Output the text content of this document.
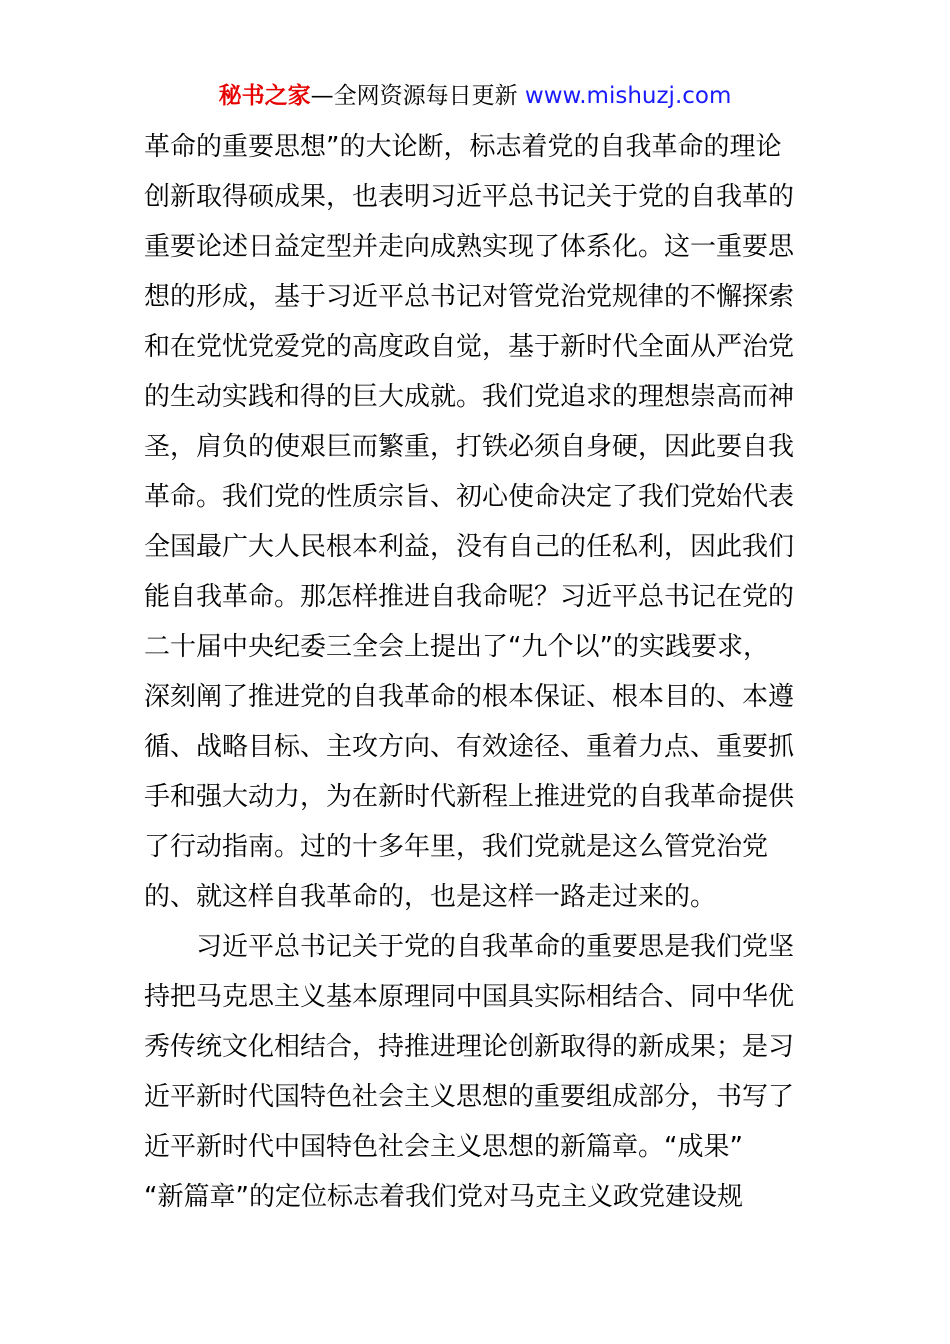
秘书之家—全网资源每日更新 www.mishuzj.com
革命的重要思想”的大论断，标志着党的自我革命的理论
创新取得硕成果，也表明习近平总书记关于党的自我革的
重要论述日益定型并走向成熟实现了体系化。这一重要思
想的形成，基于习近平总书记对管党治党规律的不懈探索
和在党忧党爱党的高度政自觉，基于新时代全面从严治党
的生动实践和得的巨大成就。我们党追求的理想崇高而神
圣，肩负的使艰巨而繁重，打铁必须自身硬，因此要自我
革命。我们党的性质宗旨、初心使命决定了我们党始代表
全国最广大人民根本利益，没有自己的任私利，因此我们
能自我革命。那怎样推进自我命呢？习近平总书记在党的
二十届中央纪委三全会上提出了“九个以”的实践要求，
深刻阐了推进党的自我革命的根本保证、根本目的、本遵
循、战略目标、主攻方向、有效途径、重着力点、重要抓
手和强大动力，为在新时代新程上推进党的自我革命提供
了行动指南。过的十多年里，我们党就是这么管党治党
的、就这样自我革命的，也是这样一路走过来的。
　　习近平总书记关于党的自我革命的重要思是我们党坚
持把马克思主义基本原理同中国具实际相结合、同中华优
秀传统文化相结合，持推进理论创新取得的新成果；是习
近平新时代国特色社会主义思想的重要组成部分，书写了
近平新时代中国特色社会主义思想的新篇章。“成果”
“新篇章”的定位标志着我们党对马克主义政党建设规
